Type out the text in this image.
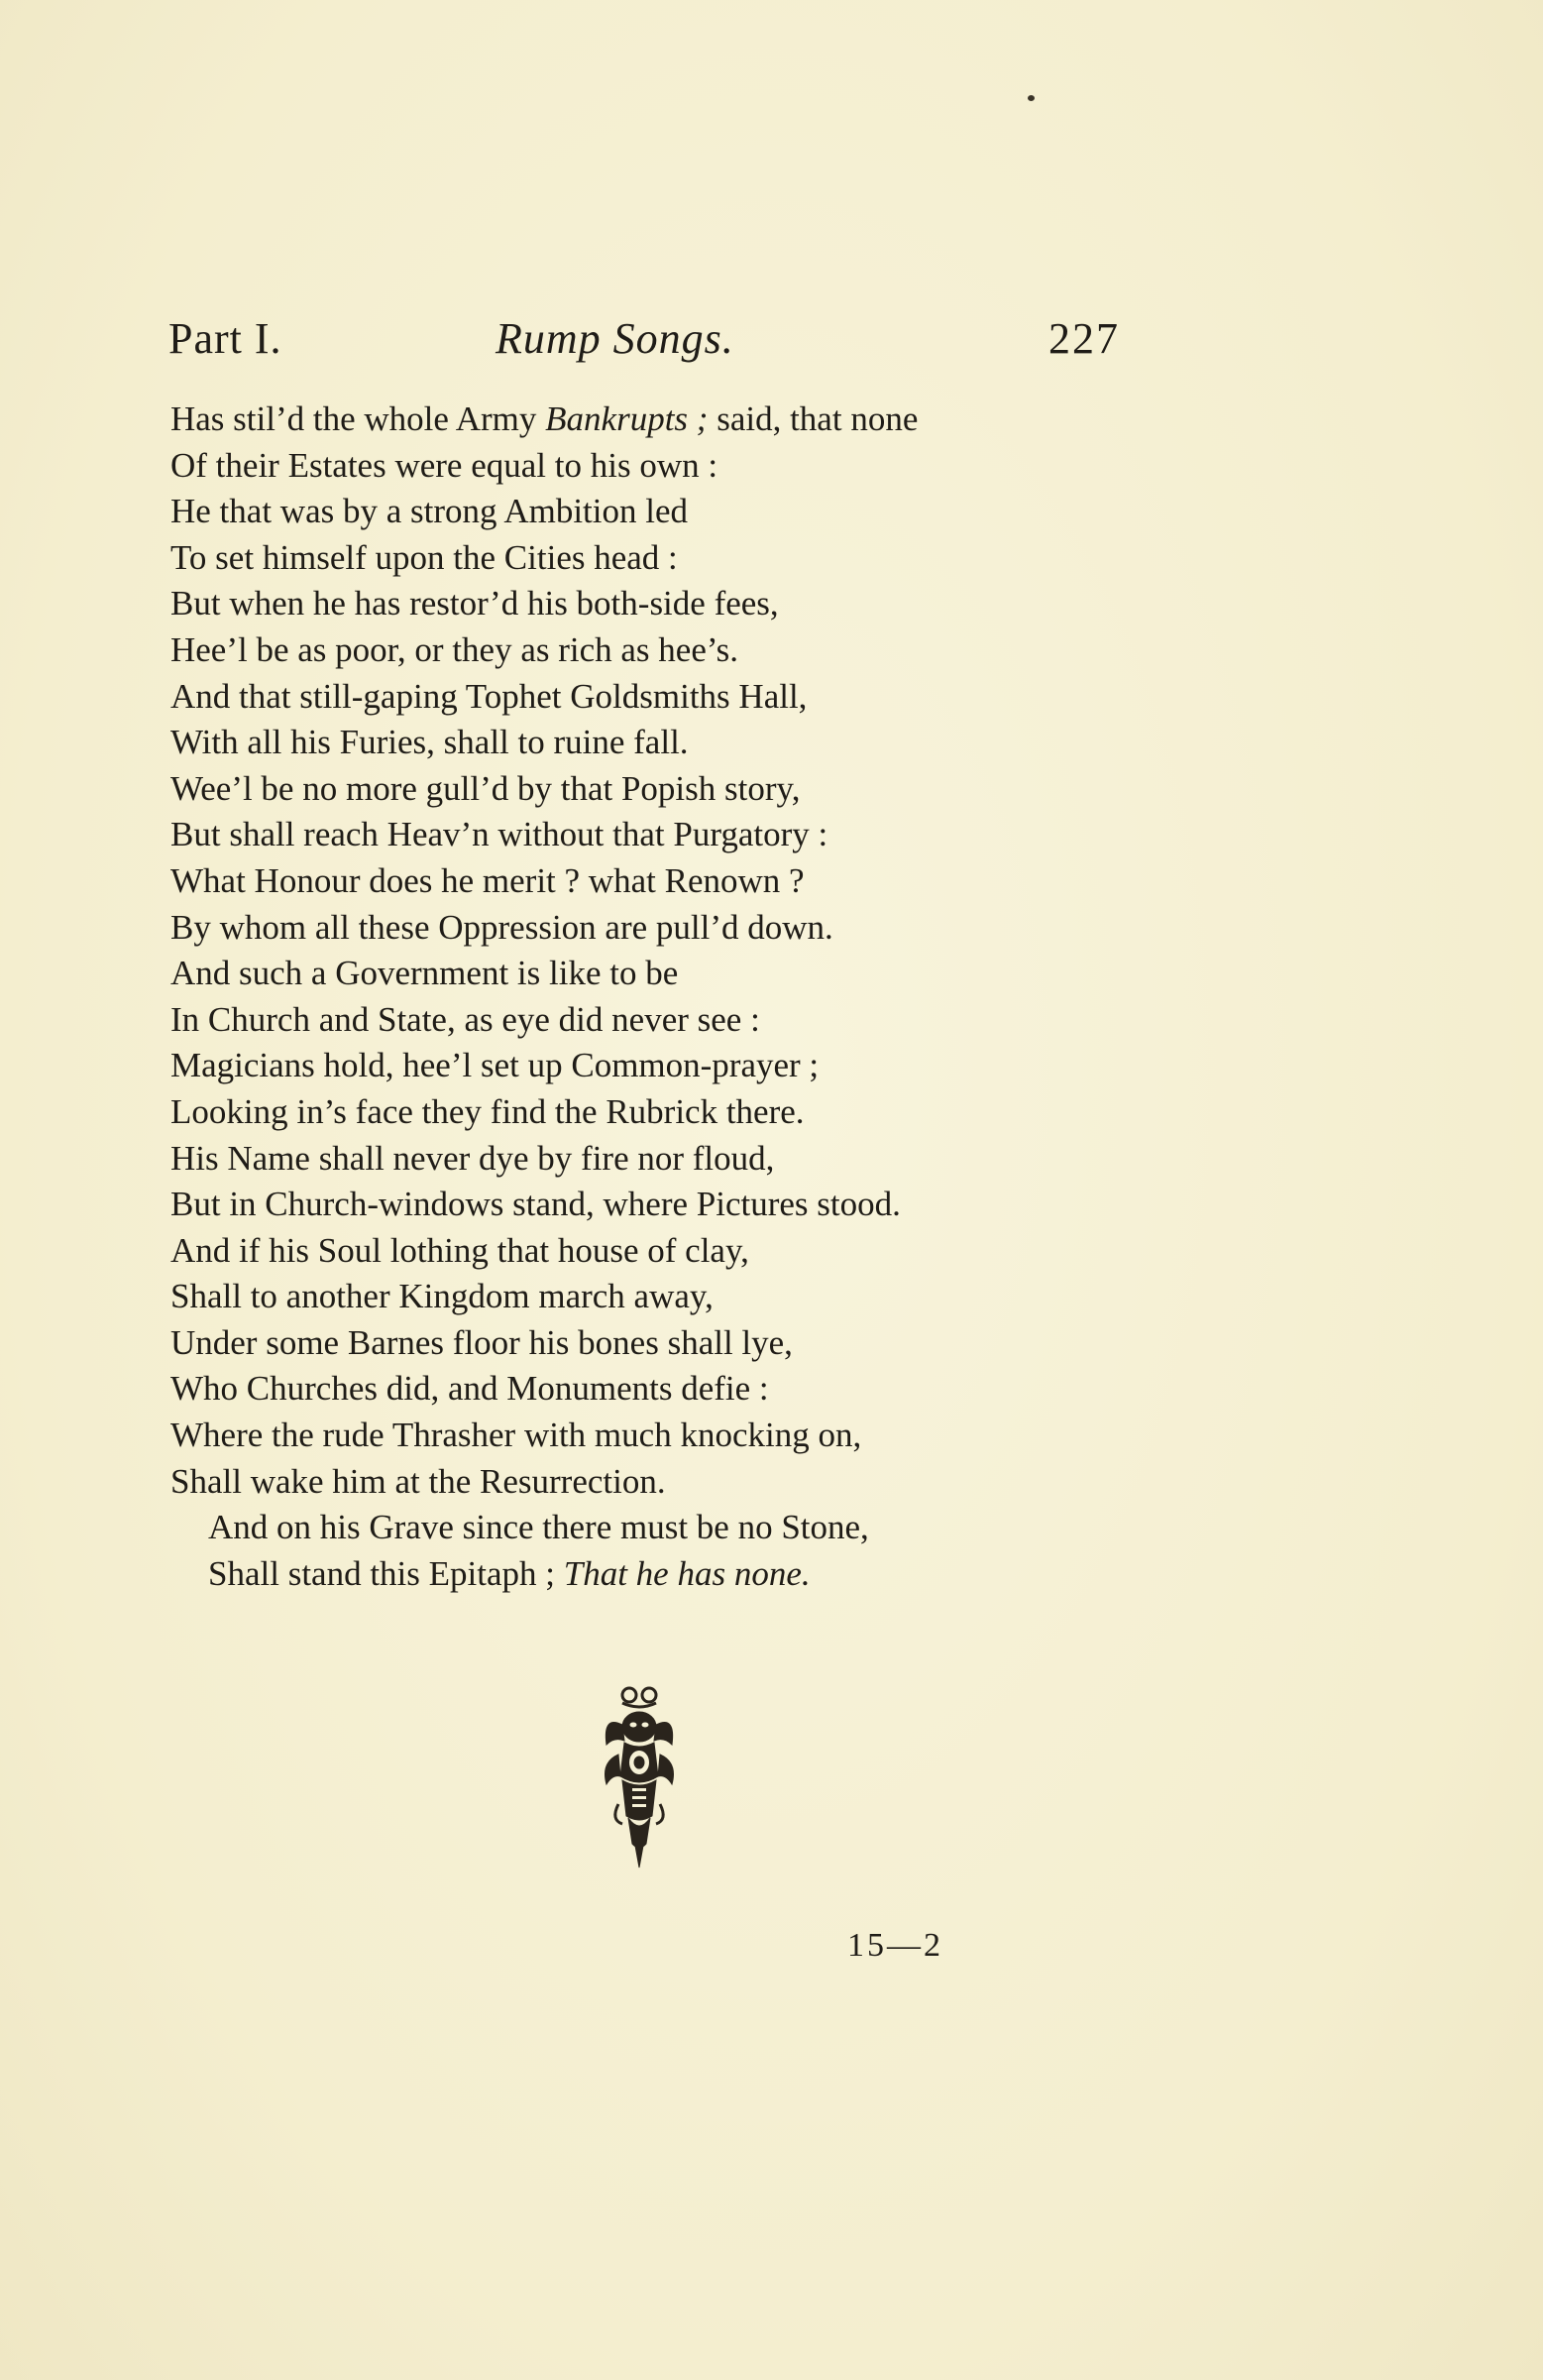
Part I.	Rump Songs.	227
Has stil’d the whole Army Bankrupts ; said, that none
Of their Estates were equal to his own :
He that was by a strong Ambition led
To set himself upon the Cities head :
But when he has restor’d his both-side fees,
Hee’l be as poor, or they as rich as hee’s.
And that still-gaping Tophet Goldsmiths Hall,
With all his Furies, shall to ruine fall.
Wee’l be no more gull’d by that Popish story,
But shall reach Heav’n without that Purgatory :
What Honour does he merit ? what Renown ?
By whom all these Oppression are pull’d down.
And such a Government is like to be
In Church and State, as eye did never see :
Magicians hold, hee’l set up Common-prayer ;
Looking in’s face they find the Rubrick there.
His Name shall never dye by fire nor floud,
But in Church-windows stand, where Pictures stood.
And if his Soul lothing that house of clay,
Shall to another Kingdom march away,
Under some Barnes floor his bones shall lye,
Who Churches did, and Monuments defie :
Where the rude Thrasher with much knocking on,
Shall wake him at the Resurrection.
And on his Grave since there must be no Stone,
Shall stand this Epitaph ; That he has none.
15—2
